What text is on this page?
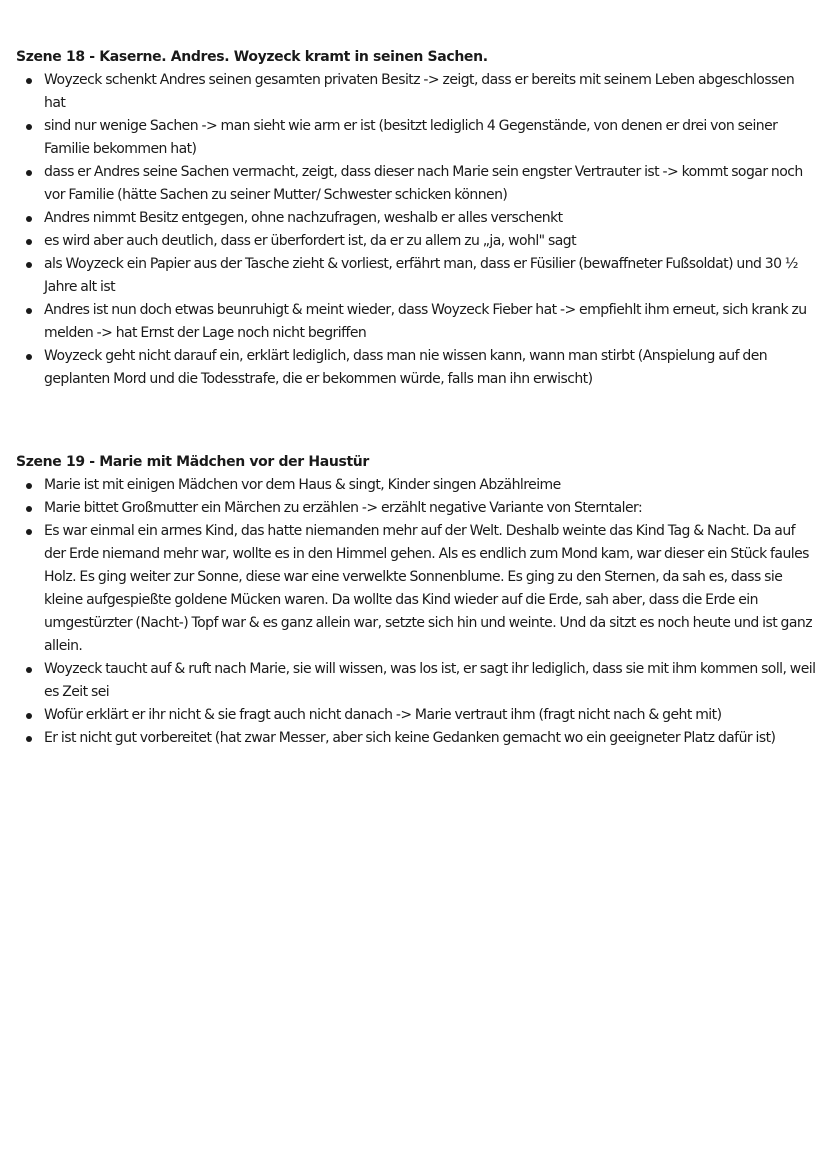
Szene 18 - Kaserne. Andres. Woyzeck kramt in seinen Sachen.
Woyzeck schenkt Andres seinen gesamten privaten Besitz -> zeigt, dass er bereits mit seinem Leben abgeschlossen hat
sind nur wenige Sachen -> man sieht wie arm er ist (besitzt lediglich 4 Gegenstände, von denen er drei von seiner Familie bekommen hat)
dass er Andres seine Sachen vermacht, zeigt, dass dieser nach Marie sein engster Vertrauter ist -> kommt sogar noch vor Familie (hätte Sachen zu seiner Mutter/ Schwester schicken können)
Andres nimmt Besitz entgegen, ohne nachzufragen, weshalb er alles verschenkt
es wird aber auch deutlich, dass er überfordert ist, da er zu allem zu „ja, wohl" sagt
als Woyzeck ein Papier aus der Tasche zieht & vorliest, erfährt man, dass er Füsilier (bewaffneter Fußsoldat) und 30 ½ Jahre alt ist
Andres ist nun doch etwas beunruhigt & meint wieder, dass Woyzeck Fieber hat -> empfiehlt ihm erneut, sich krank zu melden -> hat Ernst der Lage noch nicht begriffen
Woyzeck geht nicht darauf ein, erklärt lediglich, dass man nie wissen kann, wann man stirbt (Anspielung auf den geplanten Mord und die Todesstrafe, die er bekommen würde, falls man ihn erwischt)
Szene 19 - Marie mit Mädchen vor der Haustür
Marie ist mit einigen Mädchen vor dem Haus & singt, Kinder singen Abzählreime
Marie bittet Großmutter ein Märchen zu erzählen -> erzählt negative Variante von Sterntaler:
Es war einmal ein armes Kind, das hatte niemanden mehr auf der Welt. Deshalb weinte das Kind Tag & Nacht. Da auf der Erde niemand mehr war, wollte es in den Himmel gehen. Als es endlich zum Mond kam, war dieser ein Stück faules Holz. Es ging weiter zur Sonne, diese war eine verwelkte Sonnenblume. Es ging zu den Sternen, da sah es, dass sie kleine aufgespießte goldene Mücken waren. Da wollte das Kind wieder auf die Erde, sah aber, dass die Erde ein umgestürzter (Nacht-) Topf war & es ganz allein war, setzte sich hin und weinte. Und da sitzt es noch heute und ist ganz allein.
Woyzeck taucht auf & ruft nach Marie, sie will wissen, was los ist, er sagt ihr lediglich, dass sie mit ihm kommen soll, weil es Zeit sei
Wofür erklärt er ihr nicht & sie fragt auch nicht danach -> Marie vertraut ihm (fragt nicht nach & geht mit)
Er ist nicht gut vorbereitet (hat zwar Messer, aber sich keine Gedanken gemacht wo ein geeigneter Platz dafür ist)
